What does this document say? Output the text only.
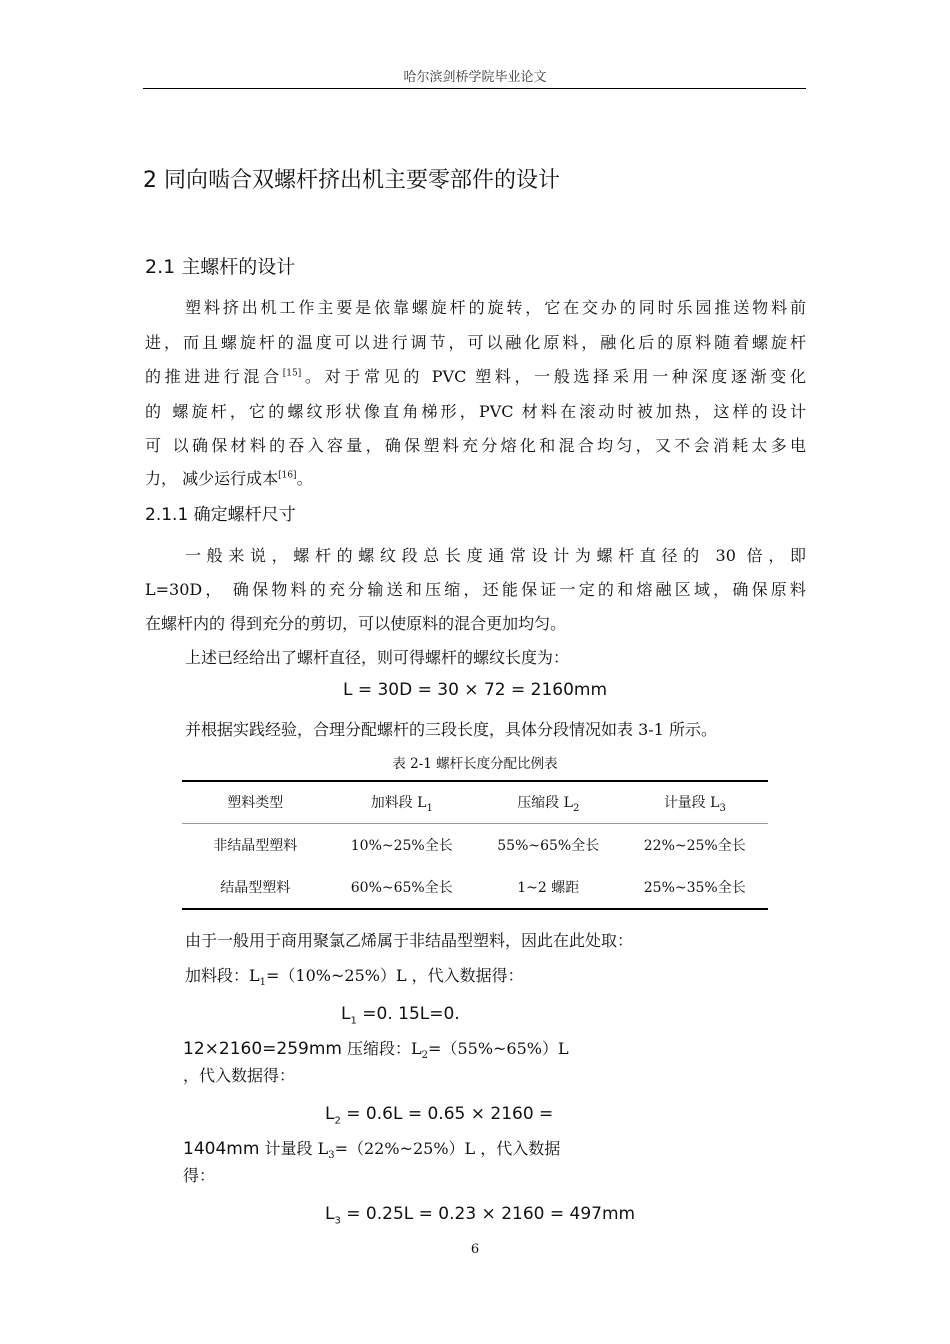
哈尔滨剑桥学院毕业论文
2 同向啮合双螺杆挤出机主要零部件的设计
2.1 主螺杆的设计
塑料挤出机工作主要是依靠螺旋杆的旋转，它在交办的同时乐园推送物料前
进，而且螺旋杆的温度可以进行调节，可以融化原料，融化后的原料随着螺旋杆
的推进进行混合[15]。对于常见的 PVC 塑料，一般选择采用一种深度逐渐变化
的 螺旋杆，它的螺纹形状像直角梯形，PVC 材料在滚动时被加热，这样的设计
可 以确保材料的吞入容量，确保塑料充分熔化和混合均匀，又不会消耗太多电
力， 减少运行成本[16]。
2.1.1 确定螺杆尺寸
一般来说，螺杆的螺纹段总长度通常设计为螺杆直径的 30 倍，即
L=30D， 确保物料的充分输送和压缩，还能保证一定的和熔融区域，确保原料
在螺杆内的 得到充分的剪切，可以使原料的混合更加均匀。
上述已经给出了螺杆直径，则可得螺杆的螺纹长度为：
L = 30D = 30 × 72 = 2160mm
并根据实践经验，合理分配螺杆的三段长度，具体分段情况如表 3-1 所示。
表 2-1 螺杆长度分配比例表
塑料类型	加料段 $L_1$	压缩段 $L_2$	计量段 $L_3$
非结晶型塑料	10%~25%全长	55%~65%全长	22%~25%全长
结晶型塑料	60%~65%全长	1~2 螺距	25%~35%全长
由于一般用于商用聚氯乙烯属于非结晶型塑料，因此在此处取：
加料段：$L_1=(10\%\sim 25\%)L$ ，代入数据得：
$L_1 =0$. 15L=0.
12×2160=259mm 压缩段：$L_2=(55\%\sim 65\%)L$
，代入数据得：
$L_2 = 0.6L = 0.65 \times 2160$ =
1404mm 计量段 $L_3=(22\%\sim 25\%)L$ ，代入数据
得：
$L_3 = 0.25L = 0.23 \times 2160 = 497mm$
6
